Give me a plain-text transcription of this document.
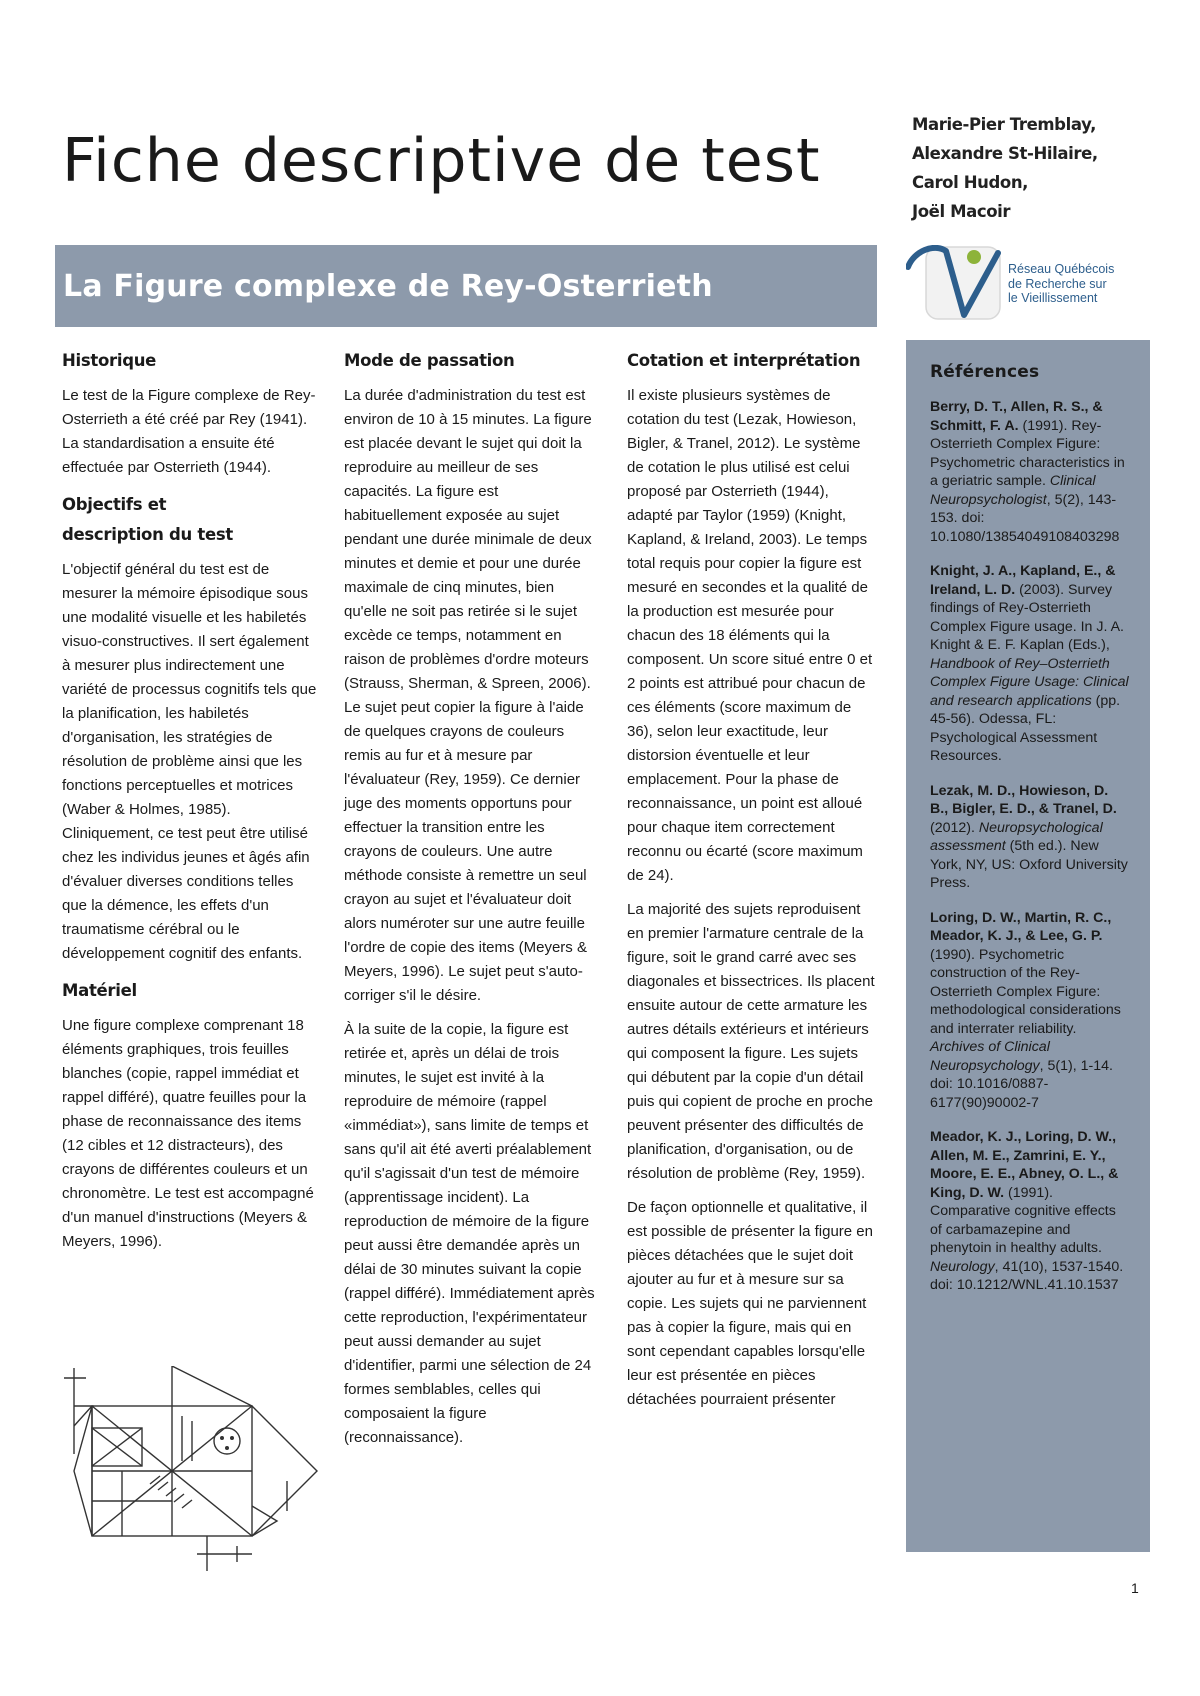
Fiche descriptive de test
Marie-Pier Tremblay,
Alexandre St-Hilaire,
Carol Hudon,
Joël Macoir
La Figure complexe de Rey-Osterrieth	Réseau Québécois
de Recherche sur
le Vieillissement
Historique

Le test de la Figure complexe de Rey-Osterrieth a été créé par Rey (1941). La standardisation a ensuite été effectuée par Osterrieth (1944).

Objectifs et
description du test

L'objectif général du test est de mesurer la mémoire épisodique sous une modalité visuelle et les habiletés visuo-constructives. Il sert également à mesurer plus indirectement une variété de processus cognitifs tels que la planification, les habiletés d'organisation, les stratégies de résolution de problème ainsi que les fonctions perceptuelles et motrices (Waber & Holmes, 1985). Cliniquement, ce test peut être utilisé chez les individus jeunes et âgés afin d'évaluer diverses conditions telles que la démence, les effets d'un traumatisme cérébral ou le développement cognitif des enfants.

Matériel

Une figure complexe comprenant 18 éléments graphiques, trois feuilles blanches (copie, rappel immédiat et rappel différé), quatre feuilles pour la phase de reconnaissance des items (12 cibles et 12 distracteurs), des crayons de différentes couleurs et un chronomètre. Le test est accompagné d'un manuel d'instructions (Meyers & Meyers, 1996).

Mode de passation

La durée d'administration du test est environ de 10 à 15 minutes. La figure est placée devant le sujet qui doit la reproduire au meilleur de ses capacités. La figure est habituellement exposée au sujet pendant une durée minimale de deux minutes et demie et pour une durée maximale de cinq minutes, bien qu'elle ne soit pas retirée si le sujet excède ce temps, notamment en raison de problèmes d'ordre moteurs (Strauss, Sherman, & Spreen, 2006). Le sujet peut copier la figure à l'aide de quelques crayons de couleurs remis au fur et à mesure par l'évaluateur (Rey, 1959). Ce dernier juge des moments opportuns pour effectuer la transition entre les crayons de couleurs. Une autre méthode consiste à remettre un seul crayon au sujet et l'évaluateur doit alors numéroter sur une autre feuille l'ordre de copie des items (Meyers & Meyers, 1996). Le sujet peut s'auto-corriger s'il le désire.

À la suite de la copie, la figure est retirée et, après un délai de trois minutes, le sujet est invité à la reproduire de mémoire (rappel «immédiat»), sans limite de temps et sans qu'il ait été averti préalablement qu'il s'agissait d'un test de mémoire (apprentissage incident). La reproduction de mémoire de la figure peut aussi être demandée après un délai de 30 minutes suivant la copie (rappel différé). Immédiatement après cette reproduction, l'expérimentateur peut aussi demander au sujet d'identifier, parmi une sélection de 24 formes semblables, celles qui composaient la figure (reconnaissance).

Cotation et interprétation

Il existe plusieurs systèmes de cotation du test (Lezak, Howieson, Bigler, & Tranel, 2012). Le système de cotation le plus utilisé est celui proposé par Osterrieth (1944), adapté par Taylor (1959) (Knight, Kapland, & Ireland, 2003). Le temps total requis pour copier la figure est mesuré en secondes et la qualité de la production est mesurée pour chacun des 18 éléments qui la composent. Un score situé entre 0 et 2 points est attribué pour chacun de ces éléments (score maximum de 36), selon leur exactitude, leur distorsion éventuelle et leur emplacement. Pour la phase de reconnaissance, un point est alloué pour chaque item correctement reconnu ou écarté (score maximum de 24).

La majorité des sujets reproduisent en premier l'armature centrale de la figure, soit le grand carré avec ses diagonales et bissectrices. Ils placent ensuite autour de cette armature les autres détails extérieurs et intérieurs qui composent la figure. Les sujets qui débutent par la copie d'un détail puis qui copient de proche en proche peuvent présenter des difficultés de planification, d'organisation, ou de résolution de problème (Rey, 1959).

De façon optionnelle et qualitative, il est possible de présenter la figure en pièces détachées que le sujet doit ajouter au fur et à mesure sur sa copie. Les sujets qui ne parviennent pas à copier la figure, mais qui en sont cependant capables lorsqu'elle leur est présentée en pièces détachées pourraient présenter

Références

Berry, D. T., Allen, R. S., & Schmitt, F. A. (1991). Rey-Osterrieth Complex Figure: Psychometric characteristics in a geriatric sample. Clinical Neuropsychologist, 5(2), 143-153. doi: 10.1080/13854049108403298

Knight, J. A., Kapland, E., & Ireland, L. D. (2003). Survey findings of Rey-Osterrieth Complex Figure usage. In J. A. Knight & E. F. Kaplan (Eds.), Handbook of Rey–Osterrieth Complex Figure Usage: Clinical and research applications (pp. 45-56). Odessa, FL: Psychological Assessment Resources.

Lezak, M. D., Howieson, D. B., Bigler, E. D., & Tranel, D. (2012). Neuropsychological assessment (5th ed.). New York, NY, US: Oxford University Press.

Loring, D. W., Martin, R. C., Meador, K. J., & Lee, G. P. (1990). Psychometric construction of the Rey-Osterrieth Complex Figure: methodological considerations and interrater reliability. Archives of Clinical Neuropsychology, 5(1), 1-14. doi: 10.1016/0887-6177(90)90002-7

Meador, K. J., Loring, D. W., Allen, M. E., Zamrini, E. Y., Moore, E. E., Abney, O. L., & King, D. W. (1991). Comparative cognitive effects of carbamazepine and phenytoin in healthy adults. Neurology, 41(10), 1537-1540. doi: 10.1212/WNL.41.10.1537

1
